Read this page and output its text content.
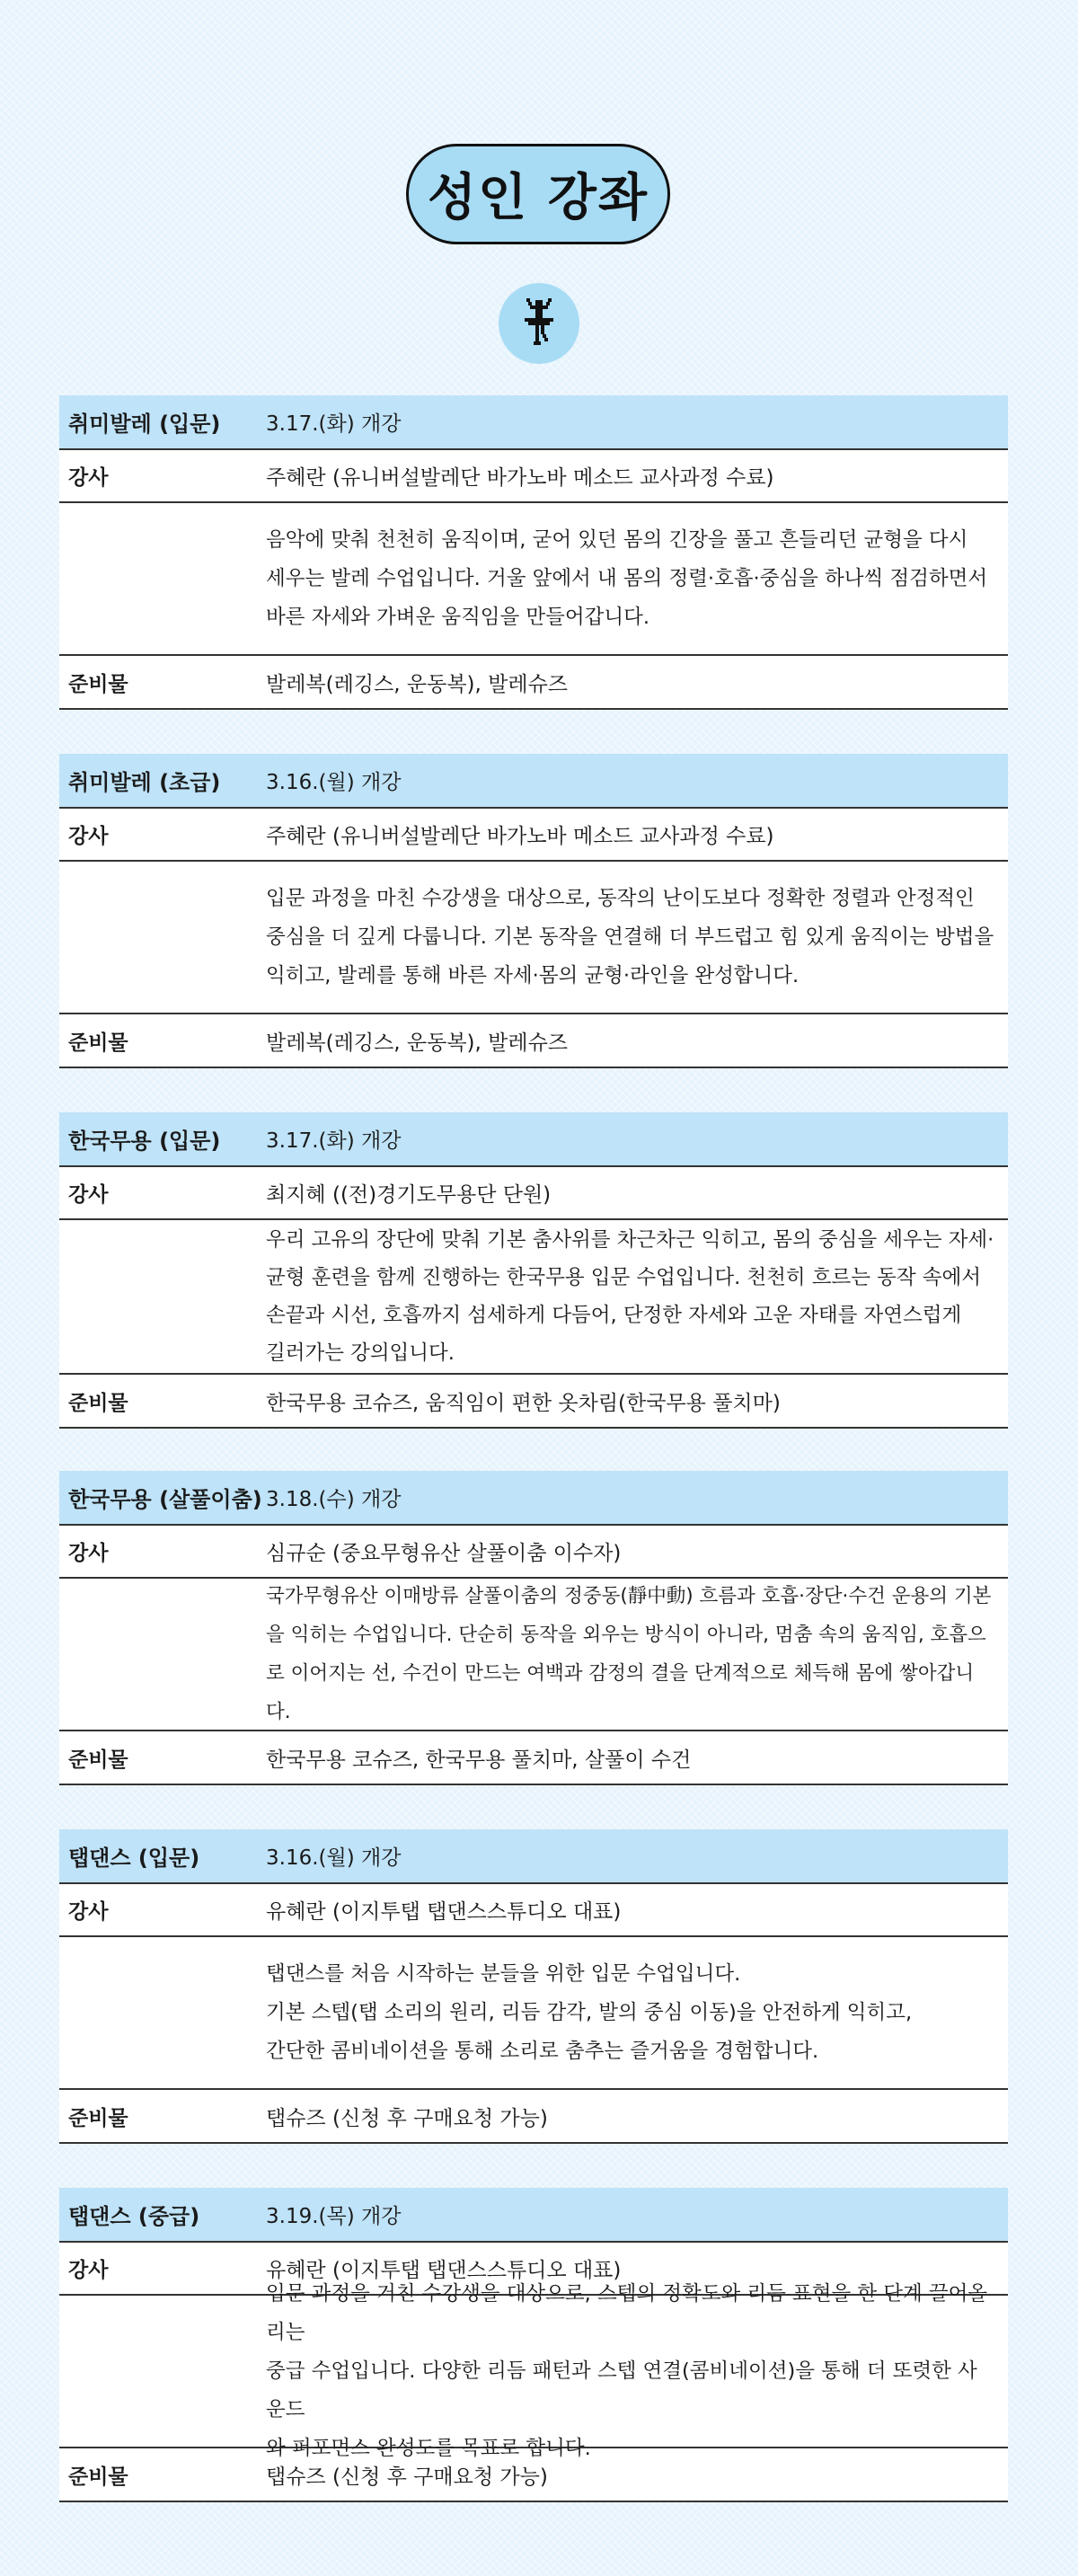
성인 강좌
취미발레 (입문)	3.17.(화) 개강
강사	주혜란 (유니버설발레단 바가노바 메소드 교사과정 수료)
음악에 맞춰 천천히 움직이며, 굳어 있던 몸의 긴장을 풀고 흔들리던 균형을 다시
세우는 발레 수업입니다. 거울 앞에서 내 몸의 정렬·호흡·중심을 하나씩 점검하면서
바른 자세와 가벼운 움직임을 만들어갑니다.
준비물	발레복(레깅스, 운동복), 발레슈즈
취미발레 (초급)	3.16.(월) 개강
강사	주혜란 (유니버설발레단 바가노바 메소드 교사과정 수료)
입문 과정을 마친 수강생을 대상으로, 동작의 난이도보다 정확한 정렬과 안정적인
중심을 더 깊게 다룹니다. 기본 동작을 연결해 더 부드럽고 힘 있게 움직이는 방법을
익히고, 발레를 통해 바른 자세·몸의 균형·라인을 완성합니다.
준비물	발레복(레깅스, 운동복), 발레슈즈
한국무용 (입문)	3.17.(화) 개강
강사	최지혜 ((전)경기도무용단 단원)
우리 고유의 장단에 맞춰 기본 춤사위를 차근차근 익히고, 몸의 중심을 세우는 자세·
균형 훈련을 함께 진행하는 한국무용 입문 수업입니다. 천천히 흐르는 동작 속에서
손끝과 시선, 호흡까지 섬세하게 다듬어, 단정한 자세와 고운 자태를 자연스럽게
길러가는 강의입니다.
준비물	한국무용 코슈즈, 움직임이 편한 옷차림(한국무용 풀치마)
한국무용 (살풀이춤) 3.18.(수) 개강
강사	심규순 (중요무형유산 살풀이춤 이수자)
국가무형유산 이매방류 살풀이춤의 정중동(靜中動) 흐름과 호흡·장단·수건 운용의 기본
을 익히는 수업입니다. 단순히 동작을 외우는 방식이 아니라, 멈춤 속의 움직임, 호흡으
로 이어지는 선, 수건이 만드는 여백과 감정의 결을 단계적으로 체득해 몸에 쌓아갑니다.
준비물	한국무용 코슈즈, 한국무용 풀치마, 살풀이 수건
탭댄스 (입문)	3.16.(월) 개강
강사	유혜란 (이지투탭 탭댄스스튜디오 대표)
탭댄스를 처음 시작하는 분들을 위한 입문 수업입니다.
기본 스텝(탭 소리의 원리, 리듬 감각, 발의 중심 이동)을 안전하게 익히고,
간단한 콤비네이션을 통해 소리로 춤추는 즐거움을 경험합니다.
준비물	탭슈즈 (신청 후 구매요청 가능)
탭댄스 (중급)	3.19.(목) 개강
강사	유혜란 (이지투탭 탭댄스스튜디오 대표)
입문 과정을 거친 수강생을 대상으로, 스텝의 정확도와 리듬 표현을 한 단계 끌어올리는
중급 수업입니다. 다양한 리듬 패턴과 스텝 연결(콤비네이션)을 통해 더 또렷한 사운드
와 퍼포먼스 완성도를 목표로 합니다.
준비물	탭슈즈 (신청 후 구매요청 가능)
